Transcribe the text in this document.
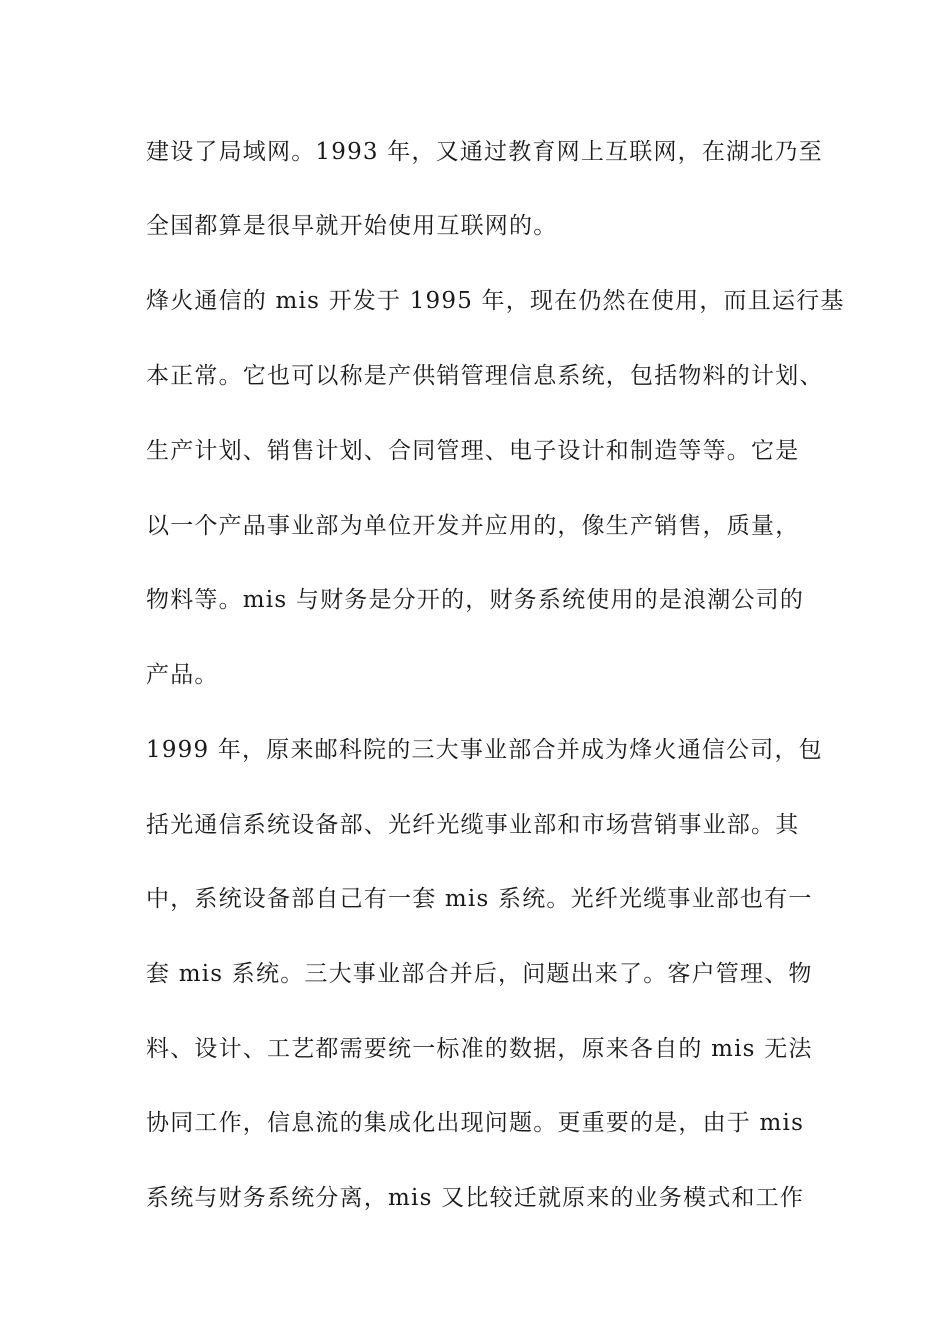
建设了局域网。1993 年，又通过教育网上互联网，在湖北乃至
全国都算是很早就开始使用互联网的。
烽火通信的 mis 开发于 1995 年，现在仍然在使用，而且运行基
本正常。它也可以称是产供销管理信息系统，包括物料的计划、
生产计划、销售计划、合同管理、电子设计和制造等等。它是
以一个产品事业部为单位开发并应用的，像生产销售，质量，
物料等。mis 与财务是分开的，财务系统使用的是浪潮公司的
产品。
1999 年，原来邮科院的三大事业部合并成为烽火通信公司，包
括光通信系统设备部、光纤光缆事业部和市场营销事业部。其
中，系统设备部自己有一套 mis 系统。光纤光缆事业部也有一
套 mis 系统。三大事业部合并后，问题出来了。客户管理、物
料、设计、工艺都需要统一标准的数据，原来各自的 mis 无法
协同工作，信息流的集成化出现问题。更重要的是，由于 mis
系统与财务系统分离，mis 又比较迁就原来的业务模式和工作
